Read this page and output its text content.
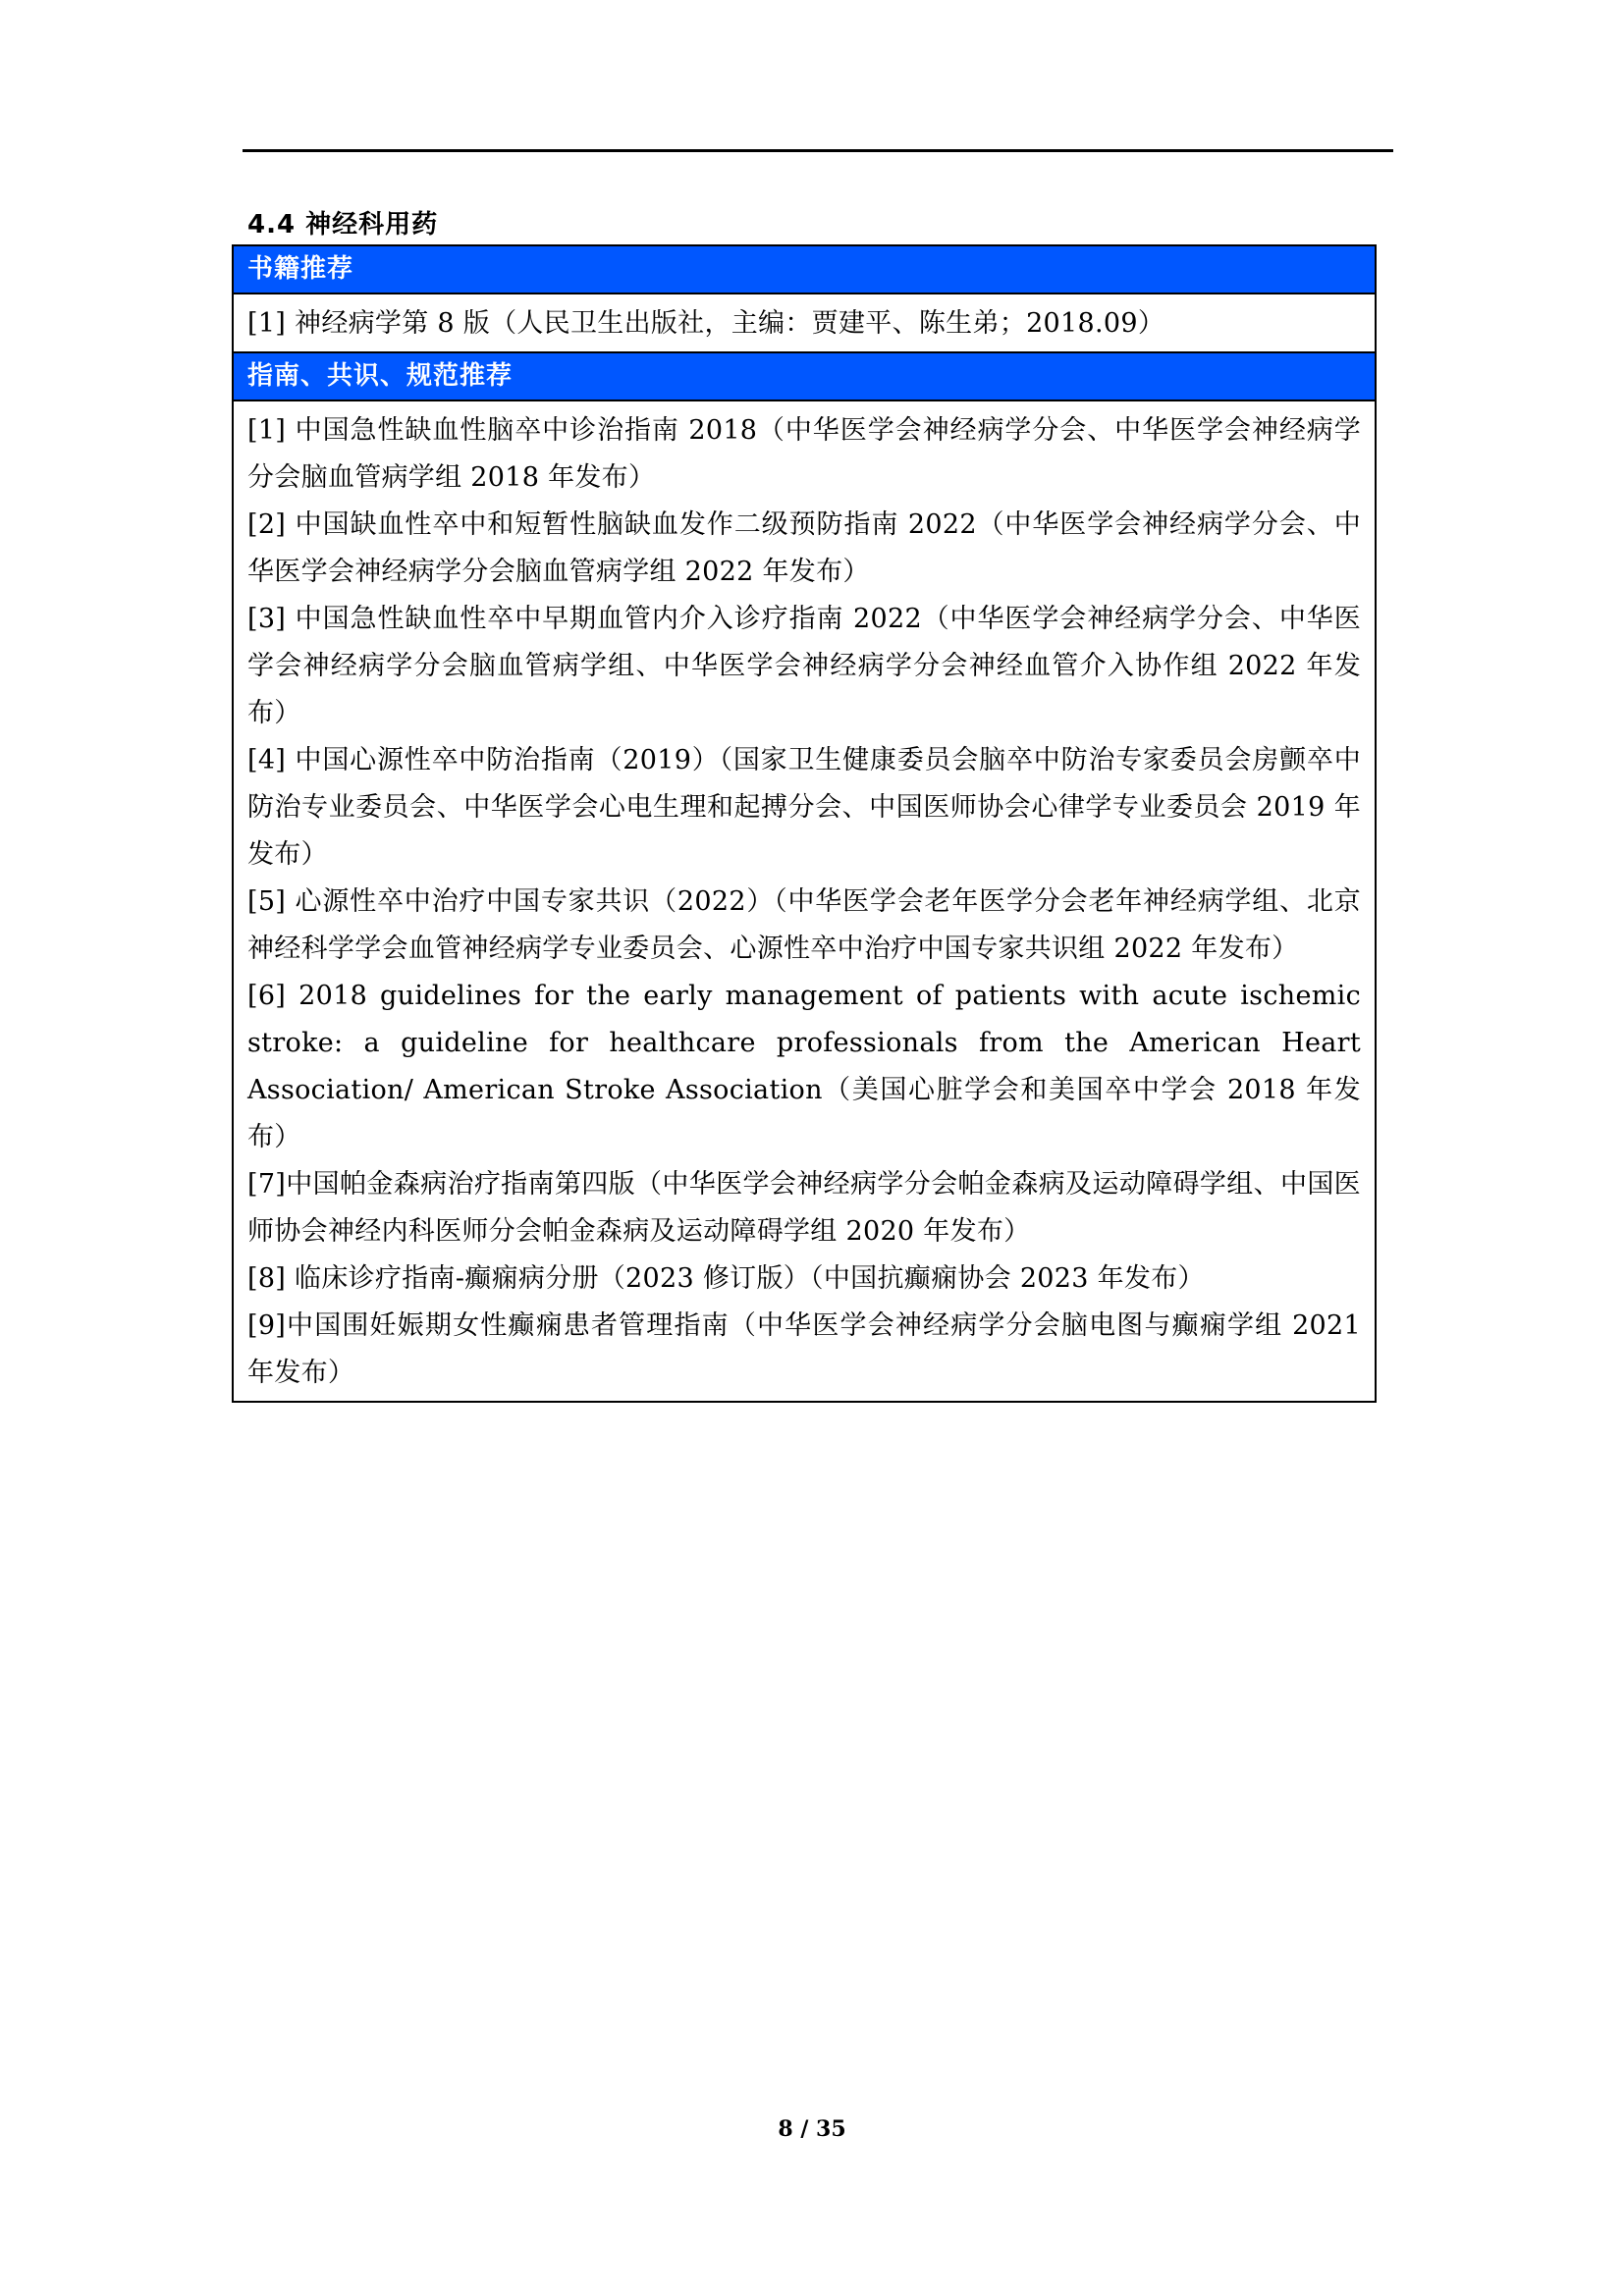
4.4 神经科用药
书籍推荐
[1] 神经病学第 8 版（人民卫生出版社，主编：贾建平、陈生弟；2018.09）
指南、共识、规范推荐
[1] 中国急性缺血性脑卒中诊治指南 2018（中华医学会神经病学分会、中华医学会神经病学分会脑血管病学组 2018 年发布）
[2] 中国缺血性卒中和短暂性脑缺血发作二级预防指南 2022（中华医学会神经病学分会、中华医学会神经病学分会脑血管病学组 2022 年发布）
[3] 中国急性缺血性卒中早期血管内介入诊疗指南 2022（中华医学会神经病学分会、中华医学会神经病学分会脑血管病学组、中华医学会神经病学分会神经血管介入协作组 2022 年发布）
[4] 中国心源性卒中防治指南（2019）（国家卫生健康委员会脑卒中防治专家委员会房颤卒中防治专业委员会、中华医学会心电生理和起搏分会、中国医师协会心律学专业委员会 2019 年发布）
[5] 心源性卒中治疗中国专家共识（2022）（中华医学会老年医学分会老年神经病学组、北京神经科学学会血管神经病学专业委员会、心源性卒中治疗中国专家共识组 2022 年发布）
[6] 2018 guidelines for the early management of patients with acute ischemic stroke: a guideline for healthcare professionals from the American Heart Association/ American Stroke Association（美国心脏学会和美国卒中学会 2018 年发布）
[7]中国帕金森病治疗指南第四版（中华医学会神经病学分会帕金森病及运动障碍学组、中国医师协会神经内科医师分会帕金森病及运动障碍学组 2020 年发布）
[8] 临床诊疗指南-癫痫病分册（2023 修订版）（中国抗癫痫协会 2023 年发布）
[9]中国围妊娠期女性癫痫患者管理指南（中华医学会神经病学分会脑电图与癫痫学组 2021 年发布）
8 / 35
